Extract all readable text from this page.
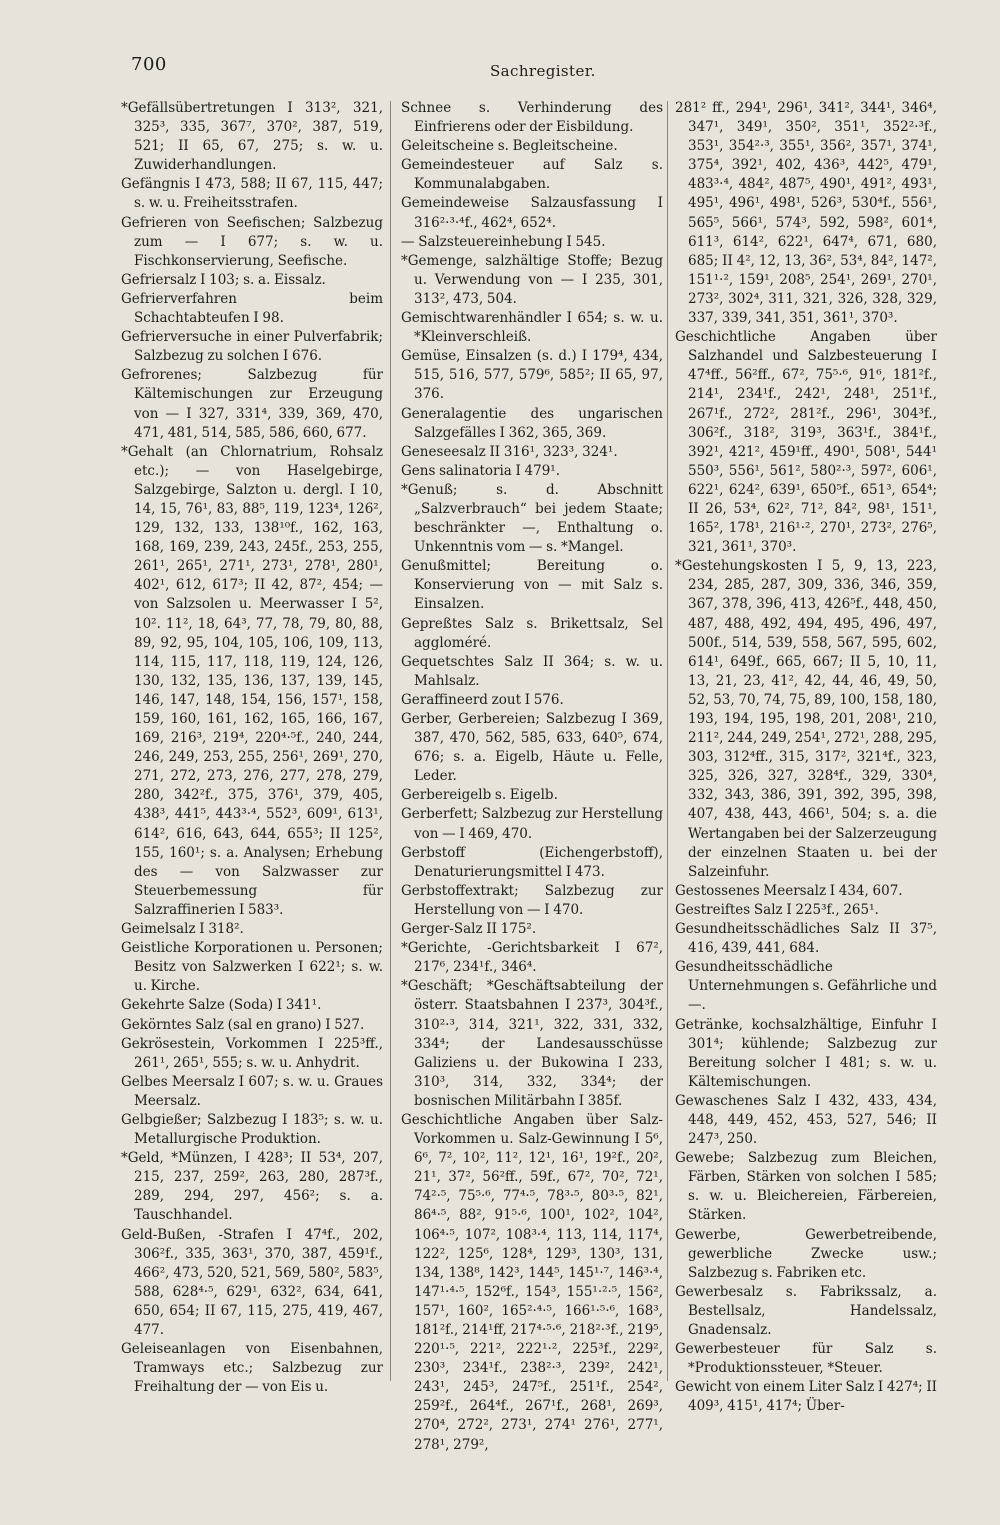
700	Sachregister.

*Gefällsübertretungen I 313², 321, 325³, 335, 367⁷, 370², 387, 519, 521; II 65, 67, 275; s. w. u. Zuwiderhandlungen.

Gefängnis I 473, 588; II 67, 115, 447; s. w. u. Freiheitsstrafen.

Gefrieren von Seefischen; Salzbezug zum — I 677; s. w. u. Fischkonservierung, Seefische.

Gefriersalz I 103; s. a. Eissalz.

Gefrierverfahren beim Schachtabteufen I 98.

Gefrierversuche in einer Pulverfabrik; Salzbezug zu solchen I 676.

Gefrorenes; Salzbezug für Kältemischungen zur Erzeugung von — I 327, 331⁴, 339, 369, 470, 471, 481, 514, 585, 586, 660, 677.

*Gehalt (an Chlornatrium, Rohsalz etc.); — von Haselgebirge, Salzgebirge, Salzton u. dergl. I 10, 14, 15, 76¹, 83, 88⁵, 119, 123⁴, 126², 129, 132, 133, 138¹⁰f., 162, 163, 168, 169, 239, 243, 245f., 253, 255, 261¹, 265¹, 271¹, 273¹, 278¹, 280¹, 402¹, 612, 617³; II 42, 87², 454; — von Salzsolen u. Meerwasser I 5², 10². 11², 18, 64³, 77, 78, 79, 80, 88, 89, 92, 95, 104, 105, 106, 109, 113, 114, 115, 117, 118, 119, 124, 126, 130, 132, 135, 136, 137, 139, 145, 146, 147, 148, 154, 156, 157¹, 158, 159, 160, 161, 162, 165, 166, 167, 169, 216³, 219⁴, 220⁴·⁵f., 240, 244, 246, 249, 253, 255, 256¹, 269¹, 270, 271, 272, 273, 276, 277, 278, 279, 280, 342²f., 375, 376¹, 379, 405, 438³, 441⁵, 443³·⁴, 552³, 609¹, 613¹, 614², 616, 643, 644, 655³; II 125², 155, 160¹; s. a. Analysen; Erhebung des — von Salzwasser zur Steuerbemessung für Salzraffinerien I 583³.

Geimelsalz I 318².

Geistliche Korporationen u. Personen; Besitz von Salzwerken I 622¹; s. w. u. Kirche.

Gekehrte Salze (Soda) I 341¹.

Gekörntes Salz (sal en grano) I 527.

Gekrösestein, Vorkommen I 225³ff., 261¹, 265¹, 555; s. w. u. Anhydrit.

Gelbes Meersalz I 607; s. w. u. Graues Meersalz.

Gelbgießer; Salzbezug I 183⁵; s. w. u. Metallurgische Produktion.

*Geld, *Münzen, I 428³; II 53⁴, 207, 215, 237, 259², 263, 280, 287³f., 289, 294, 297, 456²; s. a. Tauschhandel.

Geld-Bußen, -Strafen I 47⁴f., 202, 306²f., 335, 363¹, 370, 387, 459¹f., 466², 473, 520, 521, 569, 580², 583⁵, 588, 628⁴·⁵, 629¹, 632², 634, 641, 650, 654; II 67, 115, 275, 419, 467, 477.

Geleiseanlagen von Eisenbahnen, Tramways etc.; Salzbezug zur Freihaltung der — von Eis u.

Schnee s. Verhinderung des Einfrierens oder der Eisbildung.

Geleitscheine s. Begleitscheine.

Gemeindesteuer auf Salz s. Kommunalabgaben.

Gemeindeweise Salzausfassung I 316²·³·⁴f., 462⁴, 652⁴.

— Salzsteuereinhebung I 545.

*Gemenge, salzhältige Stoffe; Bezug u. Verwendung von — I 235, 301, 313², 473, 504.

Gemischtwarenhändler I 654; s. w. u. *Kleinverschleiß.

Gemüse, Einsalzen (s. d.) I 179⁴, 434, 515, 516, 577, 579⁶, 585²; II 65, 97, 376.

Generalagentie des ungarischen Salzgefälles I 362, 365, 369.

Geneseesalz II 316¹, 323³, 324¹.

Gens salinatoria I 479¹.

*Genuß; s. d. Abschnitt „Salzverbrauch“ bei jedem Staate; beschränkter —, Enthaltung o. Unkenntnis vom — s. *Mangel.

Genußmittel; Bereitung o. Konservierung von — mit Salz s. Einsalzen.

Gepreßtes Salz s. Brikettsalz, Sel aggloméré.

Gequetschtes Salz II 364; s. w. u. Mahlsalz.

Geraffineerd zout I 576.

Gerber, Gerbereien; Salzbezug I 369, 387, 470, 562, 585, 633, 640⁵, 674, 676; s. a. Eigelb, Häute u. Felle, Leder.

Gerbereigelb s. Eigelb.

Gerberfett; Salzbezug zur Herstellung von — I 469, 470.

Gerbstoff (Eichengerbstoff), Denaturierungsmittel I 473.

Gerbstoffextrakt; Salzbezug zur Herstellung von — I 470.

Gerger-Salz II 175².

*Gerichte, -Gerichtsbarkeit I 67², 217⁶, 234¹f., 346⁴.

*Geschäft; *Geschäftsabteilung der österr. Staatsbahnen I 237³, 304³f., 310²·³, 314, 321¹, 322, 331, 332, 334⁴; der Landesausschüsse Galiziens u. der Bukowina I 233, 310³, 314, 332, 334⁴; der bosnischen Militärbahn I 385f.

Geschichtliche Angaben über Salz-Vorkommen u. Salz-Gewinnung I 5⁶, 6⁶, 7², 10², 11², 12¹, 16¹, 19²f., 20², 21¹, 37², 56²ff., 59f., 67², 70², 72¹, 74²·⁵, 75⁵·⁶, 77⁴·⁵, 78³·⁵, 80³·⁵, 82¹, 86⁴·⁵, 88², 91⁵·⁶, 100¹, 102², 104², 106⁴·⁵, 107², 108³·⁴, 113, 114, 117⁴, 122², 125⁶, 128⁴, 129³, 130³, 131, 134, 138⁸, 142³, 144⁵, 145¹·⁷, 146³·⁴, 147¹·⁴·⁵, 152⁶f., 154³, 155¹·²·⁵, 156², 157¹, 160², 165²·⁴·⁵, 166¹·⁵·⁶, 168³, 181²f., 214¹ff, 217⁴·⁵·⁶, 218²·³f., 219⁵, 220¹·⁵, 221², 222¹·², 225³f., 229², 230³, 234¹f., 238²·³, 239², 242¹, 243¹, 245³, 247⁵f., 251¹f., 254², 259²f., 264⁴f., 267¹f., 268¹, 269³, 270⁴, 272², 273¹, 274¹ 276¹, 277¹, 278¹, 279²,

281² ff., 294¹, 296¹, 341², 344¹, 346⁴, 347¹, 349¹, 350², 351¹, 352²·³f., 353¹, 354²·³, 355¹, 356², 357¹, 374¹, 375⁴, 392¹, 402, 436³, 442⁵, 479¹, 483³·⁴, 484², 487⁵, 490¹, 491², 493¹, 495¹, 496¹, 498¹, 526³, 530⁴f., 556¹, 565⁵, 566¹, 574³, 592, 598², 601⁴, 611³, 614², 622¹, 647⁴, 671, 680, 685; II 4², 12, 13, 36², 53⁴, 84², 147², 151¹·², 159¹, 208⁵, 254¹, 269¹, 270¹, 273², 302⁴, 311, 321, 326, 328, 329, 337, 339, 341, 351, 361¹, 370³.

Geschichtliche Angaben über Salzhandel und Salzbesteuerung I 47⁴ff., 56²ff., 67², 75⁵·⁶, 91⁶, 181²f., 214¹, 234¹f., 242¹, 248¹, 251¹f., 267¹f., 272², 281²f., 296¹, 304³f., 306²f., 318², 319³, 363¹f., 384¹f., 392¹, 421², 459¹ff., 490¹, 508¹, 544¹ 550³, 556¹, 561², 580²·³, 597², 606¹, 622¹, 624², 639¹, 650⁵f., 651³, 654⁴; II 26, 53⁴, 62², 71², 84², 98¹, 151¹, 165², 178¹, 216¹·², 270¹, 273², 276⁵, 321, 361¹, 370³.

*Gestehungskosten I 5, 9, 13, 223, 234, 285, 287, 309, 336, 346, 359, 367, 378, 396, 413, 426⁵f., 448, 450, 487, 488, 492, 494, 495, 496, 497, 500f., 514, 539, 558, 567, 595, 602, 614¹, 649f., 665, 667; II 5, 10, 11, 13, 21, 23, 41², 42, 44, 46, 49, 50, 52, 53, 70, 74, 75, 89, 100, 158, 180, 193, 194, 195, 198, 201, 208¹, 210, 211², 244, 249, 254¹, 272¹, 288, 295, 303, 312⁴ff., 315, 317², 321⁴f., 323, 325, 326, 327, 328⁴f., 329, 330⁴, 332, 343, 386, 391, 392, 395, 398, 407, 438, 443, 466¹, 504; s. a. die Wertangaben bei der Salzerzeugung der einzelnen Staaten u. bei der Salzeinfuhr.

Gestossenes Meersalz I 434, 607.

Gestreiftes Salz I 225³f., 265¹.

Gesundheitsschädliches Salz II 37⁵, 416, 439, 441, 684.

Gesundheitsschädliche Unternehmungen s. Gefährliche und —.

Getränke, kochsalzhältige, Einfuhr I 301⁴; kühlende; Salzbezug zur Bereitung solcher I 481; s. w. u. Kältemischungen.

Gewaschenes Salz I 432, 433, 434, 448, 449, 452, 453, 527, 546; II 247³, 250.

Gewebe; Salzbezug zum Bleichen, Färben, Stärken von solchen I 585; s. w. u. Bleichereien, Färbereien, Stärken.

Gewerbe, Gewerbetreibende, gewerbliche Zwecke usw.; Salzbezug s. Fabriken etc.

Gewerbesalz s. Fabrikssalz, a. Bestellsalz, Handelssalz, Gnadensalz.

Gewerbesteuer für Salz s. *Produktionssteuer, *Steuer.

Gewicht von einem Liter Salz I 427⁴; II 409³, 415¹, 417⁴; Über-
